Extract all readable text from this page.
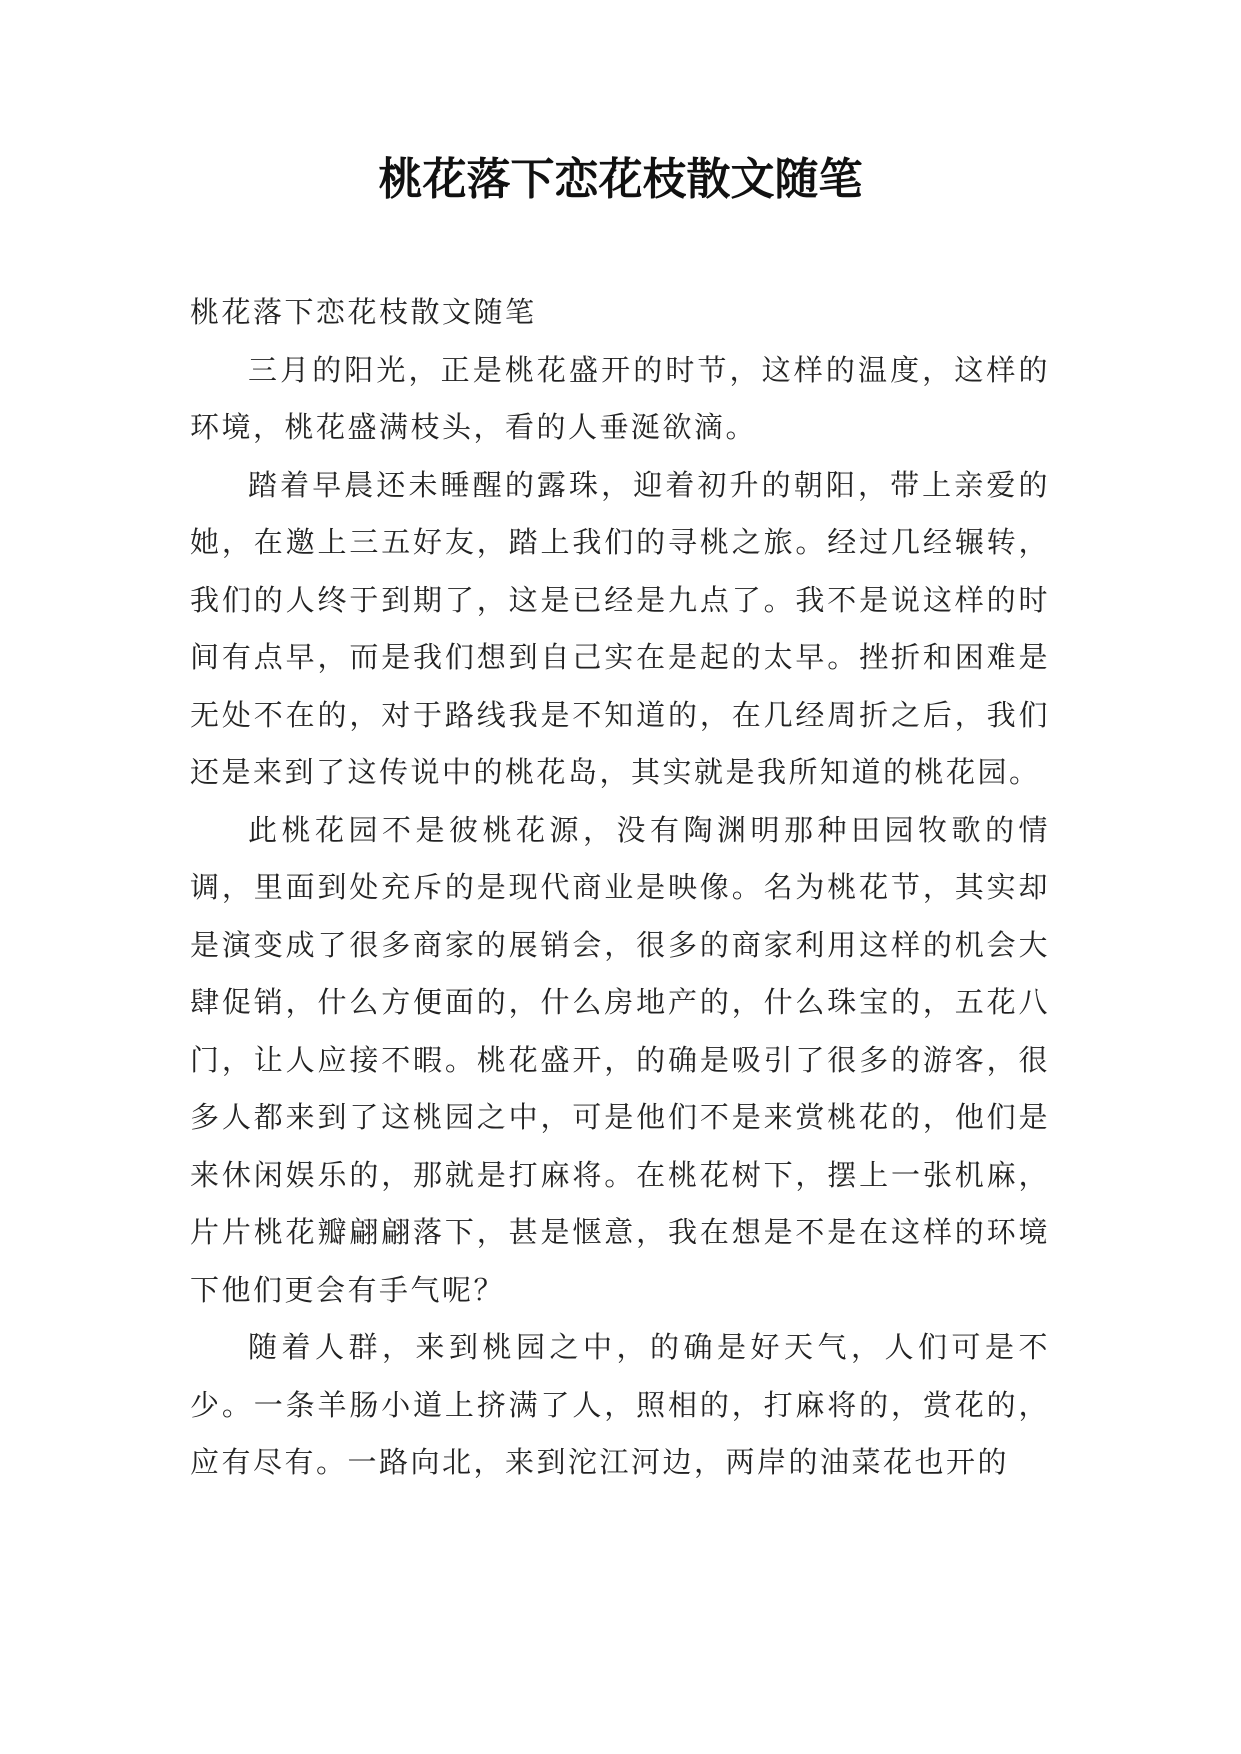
桃花落下恋花枝散文随笔

桃花落下恋花枝散文随笔

三月的阳光，正是桃花盛开的时节，这样的温度，这样的环境，桃花盛满枝头，看的人垂涎欲滴。

踏着早晨还未睡醒的露珠，迎着初升的朝阳，带上亲爱的她，在邀上三五好友，踏上我们的寻桃之旅。经过几经辗转，我们的人终于到期了，这是已经是九点了。我不是说这样的时间有点早，而是我们想到自己实在是起的太早。挫折和困难是无处不在的，对于路线我是不知道的，在几经周折之后，我们还是来到了这传说中的桃花岛，其实就是我所知道的桃花园。

此桃花园不是彼桃花源，没有陶渊明那种田园牧歌的情调，里面到处充斥的是现代商业是映像。名为桃花节，其实却是演变成了很多商家的展销会，很多的商家利用这样的机会大肆促销，什么方便面的，什么房地产的，什么珠宝的，五花八门，让人应接不暇。桃花盛开，的确是吸引了很多的游客，很多人都来到了这桃园之中，可是他们不是来赏桃花的，他们是来休闲娱乐的，那就是打麻将。在桃花树下，摆上一张机麻，片片桃花瓣翩翩落下，甚是惬意，我在想是不是在这样的环境下他们更会有手气呢？

随着人群，来到桃园之中，的确是好天气，人们可是不少。一条羊肠小道上挤满了人，照相的，打麻将的，赏花的，应有尽有。一路向北，来到沱江河边，两岸的油菜花也开的
